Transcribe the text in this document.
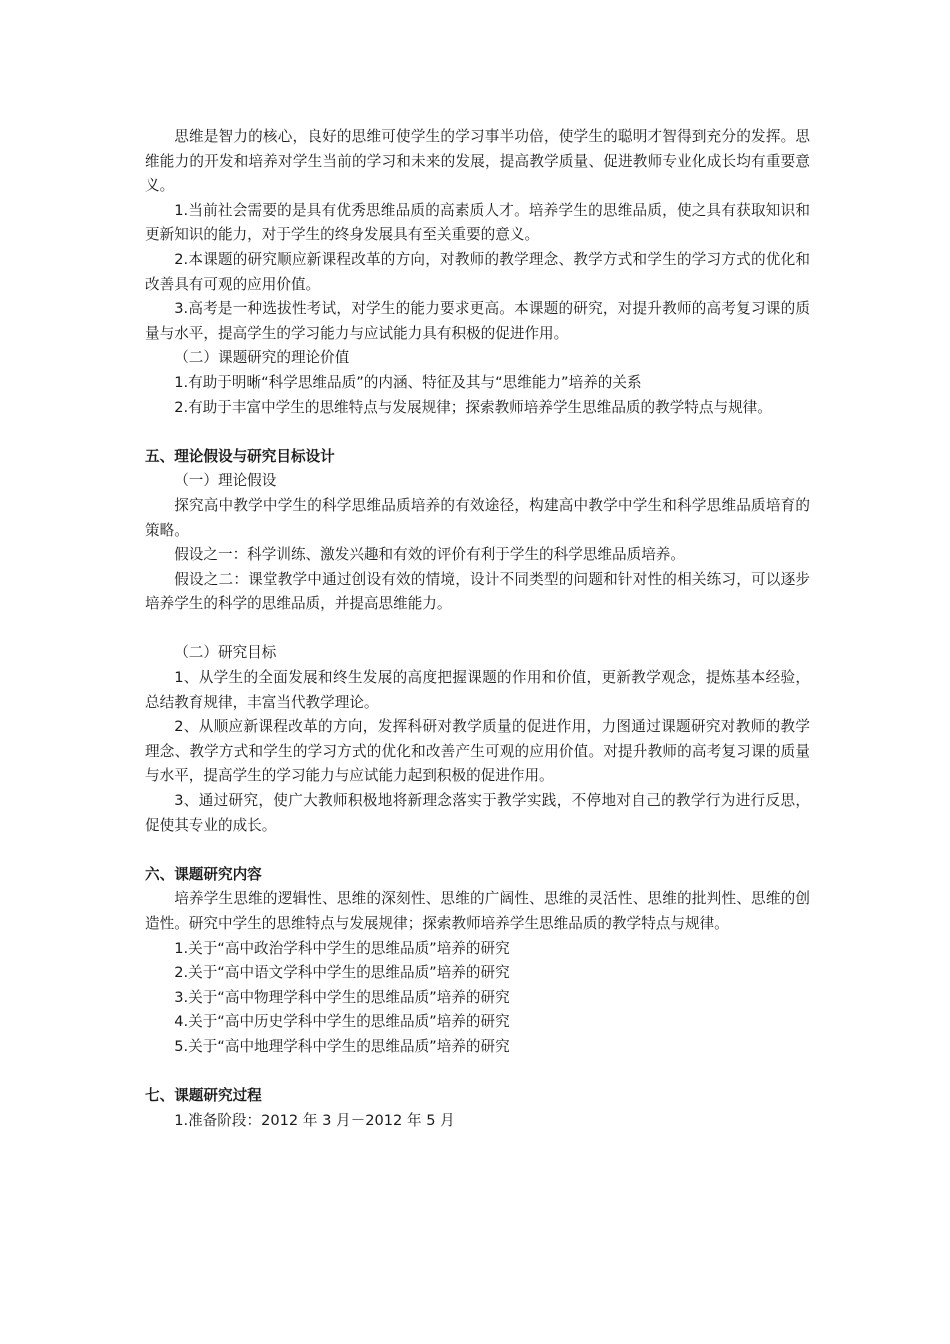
思维是智力的核心，良好的思维可使学生的学习事半功倍，使学生的聪明才智得到充分的发挥。思维能力的开发和培养对学生当前的学习和未来的发展，提高教学质量、促进教师专业化成长均有重要意义。

1.当前社会需要的是具有优秀思维品质的高素质人才。培养学生的思维品质，使之具有获取知识和更新知识的能力，对于学生的终身发展具有至关重要的意义。

2.本课题的研究顺应新课程改革的方向，对教师的教学理念、教学方式和学生的学习方式的优化和改善具有可观的应用价值。

3.高考是一种选拔性考试，对学生的能力要求更高。本课题的研究，对提升教师的高考复习课的质量与水平，提高学生的学习能力与应试能力具有积极的促进作用。

（二）课题研究的理论价值

1.有助于明晰“科学思维品质”的内涵、特征及其与“思维能力”培养的关系

2.有助于丰富中学生的思维特点与发展规律；探索教师培养学生思维品质的教学特点与规律。

五、理论假设与研究目标设计

（一）理论假设

探究高中教学中学生的科学思维品质培养的有效途径，构建高中教学中学生和科学思维品质培育的策略。

假设之一：科学训练、激发兴趣和有效的评价有利于学生的科学思维品质培养。

假设之二：课堂教学中通过创设有效的情境，设计不同类型的问题和针对性的相关练习，可以逐步培养学生的科学的思维品质，并提高思维能力。

（二）研究目标

1、从学生的全面发展和终生发展的高度把握课题的作用和价值，更新教学观念，提炼基本经验，总结教育规律，丰富当代教学理论。

2、从顺应新课程改革的方向，发挥科研对教学质量的促进作用，力图通过课题研究对教师的教学理念、教学方式和学生的学习方式的优化和改善产生可观的应用价值。对提升教师的高考复习课的质量与水平，提高学生的学习能力与应试能力起到积极的促进作用。

3、通过研究，使广大教师积极地将新理念落实于教学实践，不停地对自己的教学行为进行反思，促使其专业的成长。

六、课题研究内容

培养学生思维的逻辑性、思维的深刻性、思维的广阔性、思维的灵活性、思维的批判性、思维的创造性。研究中学生的思维特点与发展规律；探索教师培养学生思维品质的教学特点与规律。

1.关于“高中政治学科中学生的思维品质”培养的研究

2.关于“高中语文学科中学生的思维品质”培养的研究

3.关于“高中物理学科中学生的思维品质”培养的研究

4.关于“高中历史学科中学生的思维品质”培养的研究

5.关于“高中地理学科中学生的思维品质”培养的研究

七、课题研究过程

1.准备阶段：2012 年 3 月－2012 年 5 月
